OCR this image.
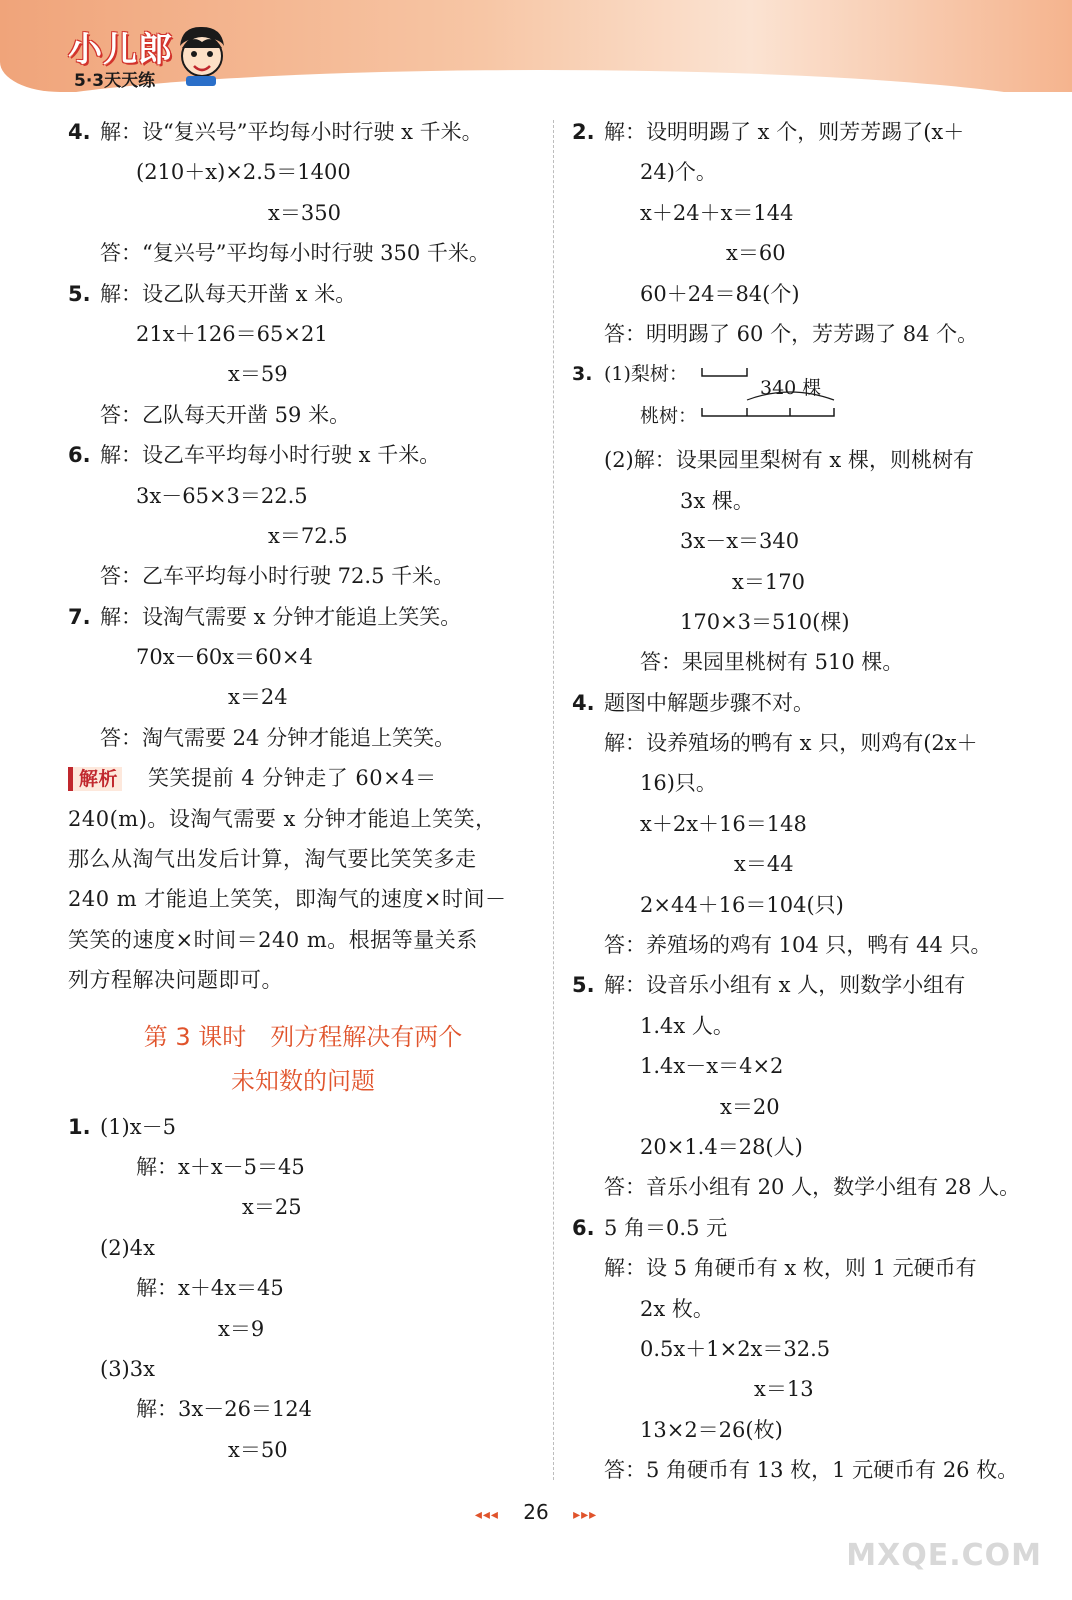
小儿郎
5·3天天练
4. 解：设“复兴号”平均每小时行驶 x 千米。
(210＋x)×2.5＝1400
x＝350
答：“复兴号”平均每小时行驶 350 千米。
5. 解：设乙队每天开凿 x 米。
21x＋126＝65×21
x＝59
答：乙队每天开凿 59 米。
6. 解：设乙车平均每小时行驶 x 千米。
3x－65×3＝22.5
x＝72.5
答：乙车平均每小时行驶 72.5 千米。
7. 解：设淘气需要 x 分钟才能追上笑笑。
70x－60x＝60×4
x＝24
答：淘气需要 24 分钟才能追上笑笑。
解析 笑笑提前 4 分钟走了 60×4＝
240(m)。设淘气需要 x 分钟才能追上笑笑，
那么从淘气出发后计算，淘气要比笑笑多走
240 m 才能追上笑笑，即淘气的速度×时间－
笑笑的速度×时间＝240 m。根据等量关系
列方程解决问题即可。
第 3 课时　列方程解决有两个
未知数的问题
1. (1)x－5
解：x＋x－5＝45
x＝25
(2)4x
解：x＋4x＝45
x＝9
(3)3x
解：3x－26＝124
x＝50
2. 解：设明明踢了 x 个，则芳芳踢了(x＋
24)个。
x＋24＋x＝144
x＝60
60＋24＝84(个)
答：明明踢了 60 个，芳芳踢了 84 个。
3. (1)梨树：
340 棵
桃树：
(2)解：设果园里梨树有 x 棵，则桃树有
3x 棵。
3x－x＝340
x＝170
170×3＝510(棵)
答：果园里桃树有 510 棵。
4. 题图中解题步骤不对。
解：设养殖场的鸭有 x 只，则鸡有(2x＋
16)只。
x＋2x＋16＝148
x＝44
2×44＋16＝104(只)
答：养殖场的鸡有 104 只，鸭有 44 只。
5. 解：设音乐小组有 x 人，则数学小组有
1.4x 人。
1.4x－x＝4×2
x＝20
20×1.4＝28(人)
答：音乐小组有 20 人，数学小组有 28 人。
6. 5 角＝0.5 元
解：设 5 角硬币有 x 枚，则 1 元硬币有
2x 枚。
0.5x＋1×2x＝32.5
x＝13
13×2＝26(枚)
答：5 角硬币有 13 枚，1 元硬币有 26 枚。
◂◂◂ 26 ▸▸▸
MXQE.COM
